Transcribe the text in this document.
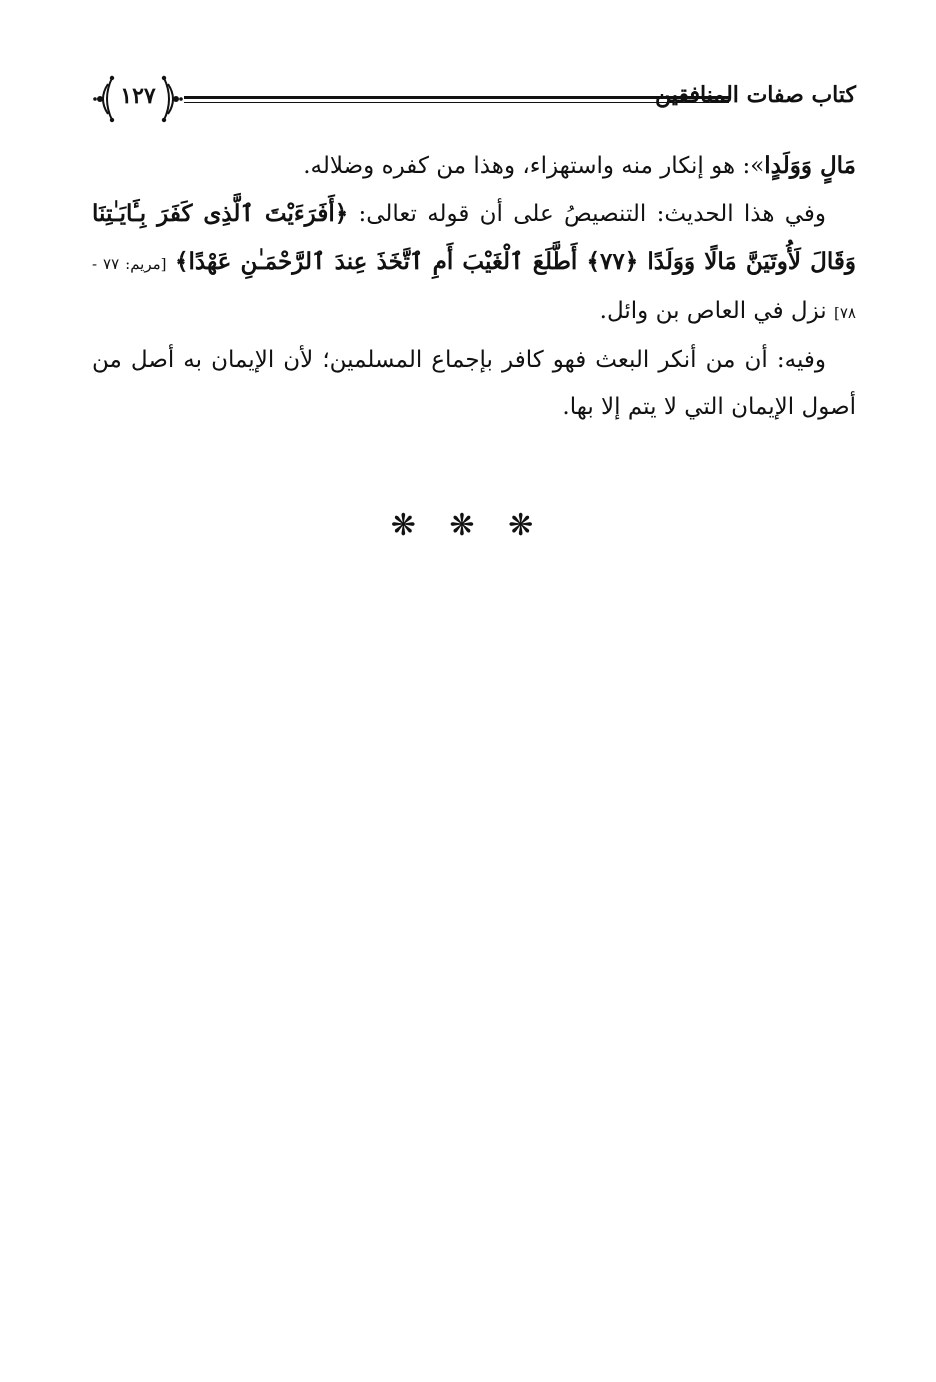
كتاب صفات المنافقين
١٢٧

مَالٍ وَوَلَدٍا»: هو إنكار منه واستهزاء، وهذا من كفره وضلاله.

وفي هذا الحديث: التنصيصُ على أن قوله تعالى: ﴿أَفَرَءَيْتَ ٱلَّذِى كَفَرَ بِـَٔايَـٰتِنَا وَقَالَ لَأُوتَيَنَّ مَالًا وَوَلَدًا ﴿٧٧﴾ أَطَّلَعَ ٱلْغَيْبَ أَمِ ٱتَّخَذَ عِندَ ٱلرَّحْمَـٰنِ عَهْدًا﴾ [مريم: ٧٧ - ٧٨] نزل في العاص بن وائل.

وفيه: أن من أنكر البعث فهو كافر بإجماع المسلمين؛ لأن الإيمان به أصل من أصول الإيمان التي لا يتم إلا بها.

❋ ❋ ❋
